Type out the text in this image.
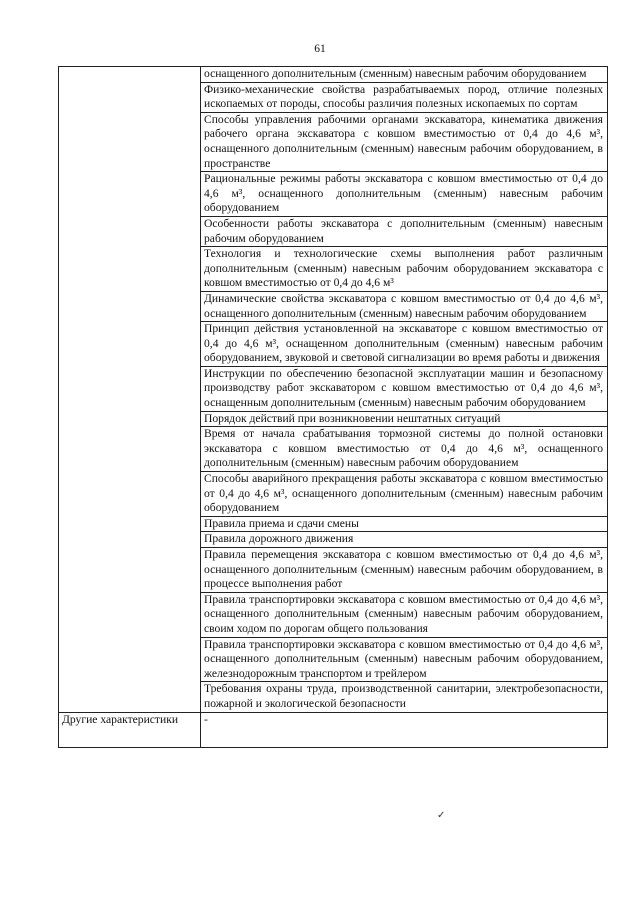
61
	оснащенного дополнительным (сменным) навесным рабочим оборудованием
	Физико-механические свойства разрабатываемых пород, отличие полезных ископаемых от породы, способы различия полезных ископаемых по сортам
	Способы управления рабочими органами экскаватора, кинематика движения рабочего органа экскаватора с ковшом вместимостью от 0,4 до 4,6 м³, оснащенного дополнительным (сменным) навесным рабочим оборудованием, в пространстве
	Рациональные режимы работы экскаватора с ковшом вместимостью от 0,4 до 4,6 м³, оснащенного дополнительным (сменным) навесным рабочим оборудованием
	Особенности работы экскаватора с дополнительным (сменным) навесным рабочим оборудованием
	Технология и технологические схемы выполнения работ различным дополнительным (сменным) навесным рабочим оборудованием экскаватора с ковшом вместимостью от 0,4 до 4,6 м³
	Динамические свойства экскаватора с ковшом вместимостью от 0,4 до 4,6 м³, оснащенного дополнительным (сменным) навесным рабочим оборудованием
	Принцип действия установленной на экскаваторе с ковшом вместимостью от 0,4 до 4,6 м³, оснащенном дополнительным (сменным) навесным рабочим оборудованием, звуковой и световой сигнализации во время работы и движения
	Инструкции по обеспечению безопасной эксплуатации машин и безопасному производству работ экскаватором с ковшом вместимостью от 0,4 до 4,6 м³, оснащенным дополнительным (сменным) навесным рабочим оборудованием
	Порядок действий при возникновении нештатных ситуаций
	Время от начала срабатывания тормозной системы до полной остановки экскаватора с ковшом вместимостью от 0,4 до 4,6 м³, оснащенного дополнительным (сменным) навесным рабочим оборудованием
	Способы аварийного прекращения работы экскаватора с ковшом вместимостью от 0,4 до 4,6 м³, оснащенного дополнительным (сменным) навесным рабочим оборудованием
	Правила приема и сдачи смены
	Правила дорожного движения
	Правила перемещения экскаватора с ковшом вместимостью от 0,4 до 4,6 м³, оснащенного дополнительным (сменным) навесным рабочим оборудованием, в процессе выполнения работ
	Правила транспортировки экскаватора с ковшом вместимостью от 0,4 до 4,6 м³, оснащенного дополнительным (сменным) навесным рабочим оборудованием, своим ходом по дорогам общего пользования
	Правила транспортировки экскаватора с ковшом вместимостью от 0,4 до 4,6 м³, оснащенного дополнительным (сменным) навесным рабочим оборудованием, железнодорожным транспортом и трейлером
	Требования охраны труда, производственной санитарии, электробезопасности, пожарной и экологической безопасности
Другие характеристики	-
✓
